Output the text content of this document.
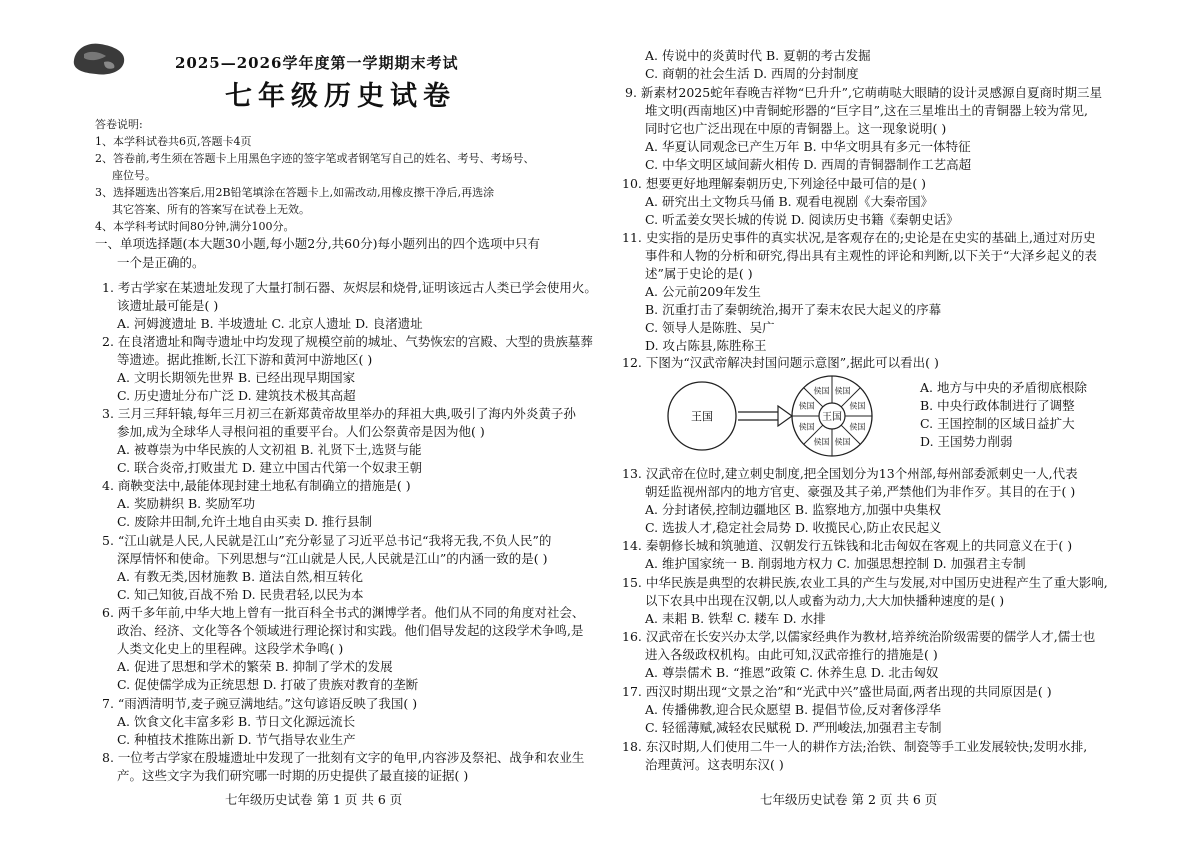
2025—2026学年度第一学期期末考试
七年级历史试卷
答卷说明:
1、本学科试卷共6页,答题卡4页
2、答卷前,考生须在答题卡上用黑色字迹的签字笔或者钢笔写自己的姓名、考号、考场号、
座位号。
3、选择题选出答案后,用2B铅笔填涂在答题卡上,如需改动,用橡皮擦干净后,再选涂
其它答案、所有的答案写在试卷上无效。
4、本学科考试时间80分钟,满分100分。
一、单项选择题(本大题30小题,每小题2分,共60分)每小题列出的四个选项中只有
一个是正确的。
1. 考古学家在某遗址发现了大量打制石器、灰烬层和烧骨,证明该远古人类已学会使用火。
该遗址最可能是( )
A. 河姆渡遗址 B. 半坡遗址 C. 北京人遗址 D. 良渚遗址
2. 在良渚遗址和陶寺遗址中均发现了规模空前的城址、气势恢宏的宫殿、大型的贵族墓葬
等遗迹。据此推断,长江下游和黄河中游地区( )
A. 文明长期领先世界 B. 已经出现早期国家
C. 历史遗址分布广泛 D. 建筑技术极其高超
3. 三月三拜轩辕,每年三月初三在新郑黄帝故里举办的拜祖大典,吸引了海内外炎黄子孙
参加,成为全球华人寻根问祖的重要平台。人们公祭黄帝是因为他( )
A. 被尊崇为中华民族的人文初祖 B. 礼贤下士,选贤与能
C. 联合炎帝,打败蚩尤 D. 建立中国古代第一个奴隶王朝
4. 商鞅变法中,最能体现封建土地私有制确立的措施是( )
A. 奖励耕织 B. 奖励军功
C. 废除井田制,允许土地自由买卖 D. 推行县制
5. “江山就是人民,人民就是江山”充分彰显了习近平总书记“我将无我,不负人民”的
深厚情怀和使命。下列思想与“江山就是人民,人民就是江山”的内涵一致的是( )
A. 有教无类,因材施教 B. 道法自然,相互转化
C. 知己知彼,百战不殆 D. 民贵君轻,以民为本
6. 两千多年前,中华大地上曾有一批百科全书式的渊博学者。他们从不同的角度对社会、
政治、经济、文化等各个领域进行理论探讨和实践。他们倡导发起的这段学术争鸣,是
人类文化史上的里程碑。这段学术争鸣( )
A. 促进了思想和学术的繁荣 B. 抑制了学术的发展
C. 促使儒学成为正统思想 D. 打破了贵族对教育的垄断
7. “雨洒清明节,麦子豌豆满地结。”这句谚语反映了我国( )
A. 饮食文化丰富多彩 B. 节日文化源远流长
C. 种植技术推陈出新 D. 节气指导农业生产
8. 一位考古学家在殷墟遗址中发现了一批刻有文字的龟甲,内容涉及祭祀、战争和农业生
产。这些文字为我们研究哪一时期的历史提供了最直接的证据( )
七年级历史试卷 第 1 页 共 6 页
A. 传说中的炎黄时代 B. 夏朝的考古发掘
C. 商朝的社会生活 D. 西周的分封制度
9. 新素材2025蛇年春晚吉祥物“巳升升”,它萌萌哒大眼睛的设计灵感源自夏商时期三星
堆文明(西南地区)中青铜蛇形器的“巨字目”,这在三星堆出土的青铜器上较为常见,
同时它也广泛出现在中原的青铜器上。这一现象说明( )
A. 华夏认同观念已产生万年 B. 中华文明具有多元一体特征
C. 中华文明区域间薪火相传 D. 西周的青铜器制作工艺高超
10. 想要更好地理解秦朝历史,下列途径中最可信的是( )
A. 研究出土文物兵马俑 B. 观看电视剧《大秦帝国》
C. 听孟姜女哭长城的传说 D. 阅读历史书籍《秦朝史话》
11. 史实指的是历史事件的真实状况,是客观存在的;史论是在史实的基础上,通过对历史
事件和人物的分析和研究,得出具有主观性的评论和判断,以下关于“大泽乡起义的表
述”属于史论的是( )
A. 公元前209年发生
B. 沉重打击了秦朝统治,揭开了秦末农民大起义的序幕
C. 领导人是陈胜、吴广
D. 攻占陈县,陈胜称王
12. 下图为“汉武帝解决封国问题示意图”,据此可以看出( )
王国	王国
侯国
侯国
侯国
侯国
侯国
侯国
侯国
侯国	A. 地方与中央的矛盾彻底根除
B. 中央行政体制进行了调整
C. 王国控制的区域日益扩大
D. 王国势力削弱
13. 汉武帝在位时,建立刺史制度,把全国划分为13个州部,每州部委派刺史一人,代表
朝廷监视州部内的地方官吏、豪强及其子弟,严禁他们为非作歹。其目的在于( )
A. 分封诸侯,控制边疆地区 B. 监察地方,加强中央集权
C. 选拔人才,稳定社会局势 D. 收揽民心,防止农民起义
14. 秦朝修长城和筑驰道、汉朝发行五铢钱和北击匈奴在客观上的共同意义在于( )
A. 维护国家统一 B. 削弱地方权力 C. 加强思想控制 D. 加强君主专制
15. 中华民族是典型的农耕民族,农业工具的产生与发展,对中国历史进程产生了重大影响,
以下农具中出现在汉朝,以人或畜为动力,大大加快播种速度的是( )
A. 耒耜 B. 铁犁 C. 耧车 D. 水排
16. 汉武帝在长安兴办太学,以儒家经典作为教材,培养统治阶级需要的儒学人才,儒士也
进入各级政权机构。由此可知,汉武帝推行的措施是( )
A. 尊崇儒术 B. “推恩”政策 C. 休养生息 D. 北击匈奴
17. 西汉时期出现“文景之治”和“光武中兴”盛世局面,两者出现的共同原因是( )
A. 传播佛教,迎合民众愿望 B. 提倡节俭,反对奢侈浮华
C. 轻徭薄赋,减轻农民赋税 D. 严刑峻法,加强君主专制
18. 东汉时期,人们使用二牛一人的耕作方法;治铁、制瓷等手工业发展较快;发明水排,
治理黄河。这表明东汉( )
七年级历史试卷 第 2 页 共 6 页
